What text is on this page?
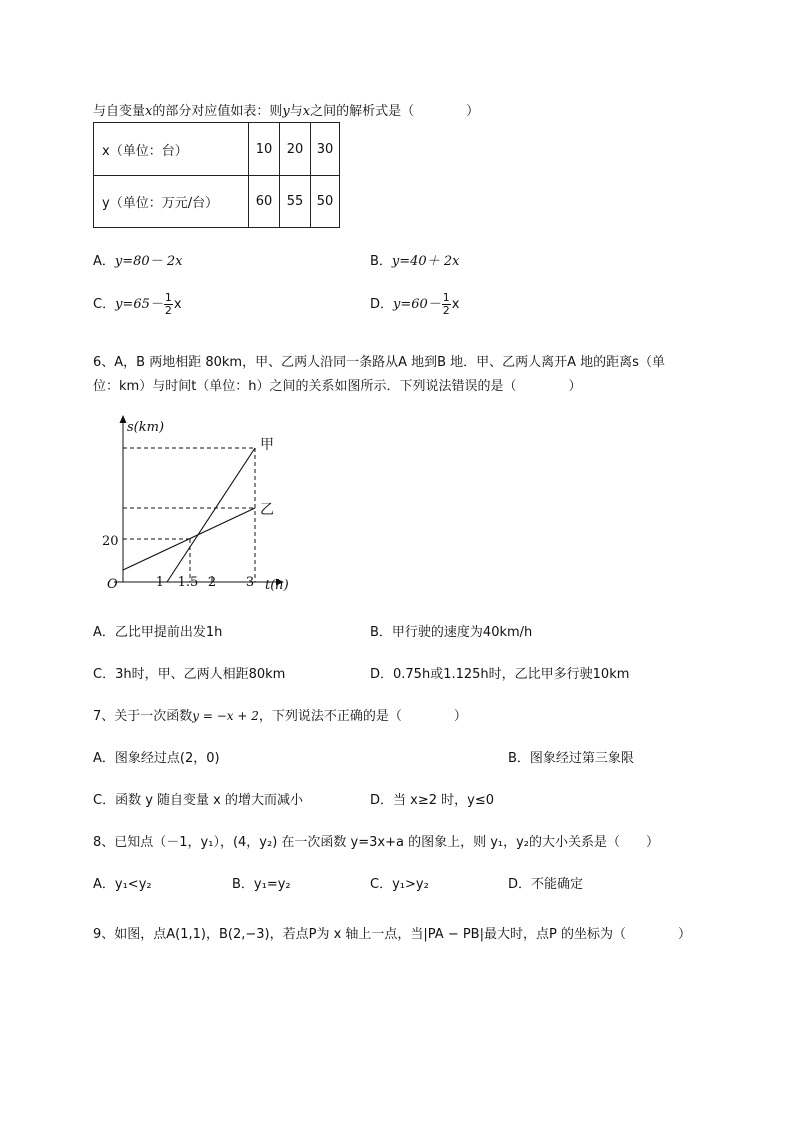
与自变量x的部分对应值如表：则y与x之间的解析式是（　　　　）
x（单位：台）	10	20	30
y（单位：万元/台）	60	55	50
A．y=80－ 2x	B．y=40＋ 2x
C．$y=65- \frac{1}{2}$ x	D．$y=60- \frac{1}{2}$ x
6、A，B 两地相距 80km，甲、乙两人沿同一条路从A 地到B 地．甲、乙两人离开A 地的距离s（单
位：km）与时间t（单位：h）之间的关系如图所示．下列说法错误的是（　　　　）
s(km)
t(h)
O
20
1 1.5 2 3
甲
乙
A．乙比甲提前出发1h	B．甲行驶的速度为40km/h
C．3h时，甲、乙两人相距80km	D．0.75h或1.125h时，乙比甲多行驶10km
7、关于一次函数y = −x + 2，下列说法不正确的是（　　　　）
A．图象经过点(2，0)	B．图象经过第三象限
C．函数 y 随自变量 x 的增大而减小	D．当 x≥2 时，y≤0
8、已知点（－1，y₁），(4，y₂) 在一次函数 y=3x+a 的图象上，则 y₁，y₂的大小关系是（　　）
A．y₁<y₂	B．y₁=y₂	C．y₁>y₂	D．不能确定
9、如图，点A(1,1)，B(2,−3)，若点P为 x 轴上一点，当|PA − PB|最大时，点P 的坐标为（　　　　）
